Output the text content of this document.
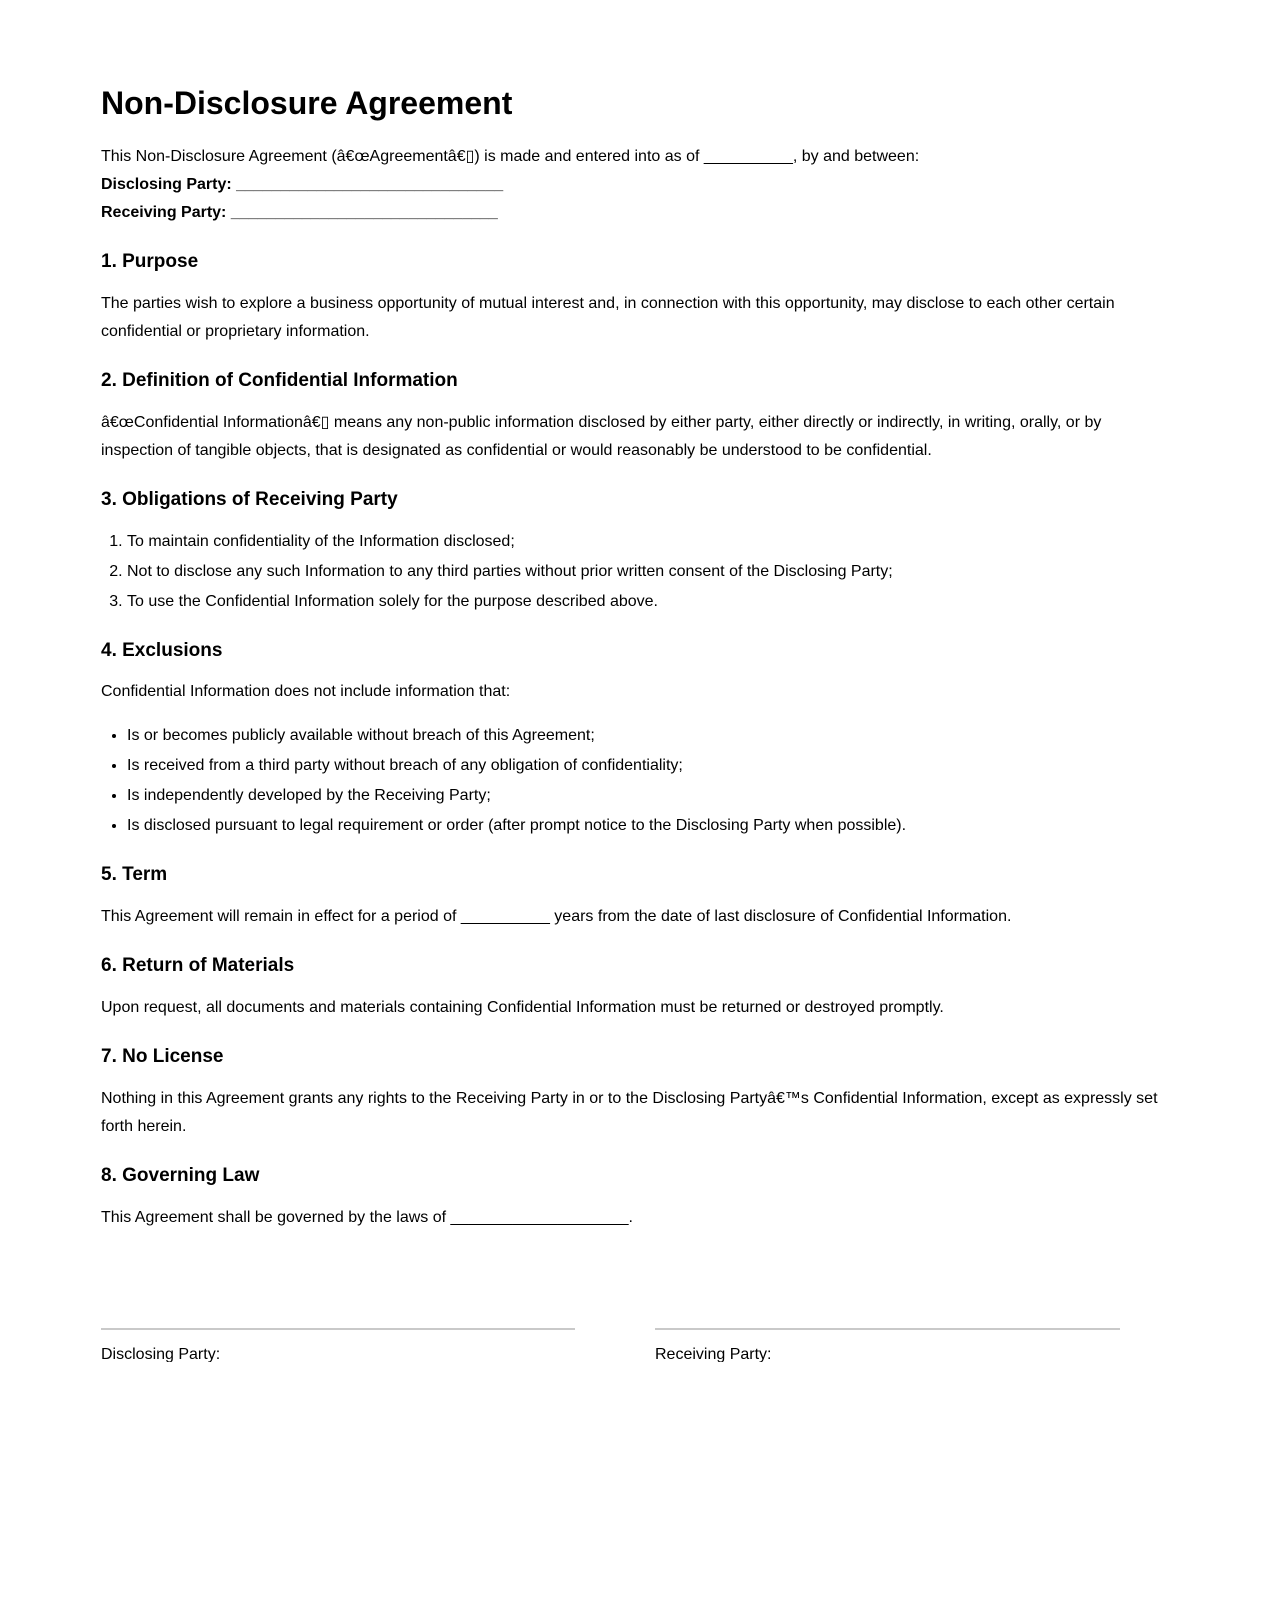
Non-Disclosure Agreement

This Non-Disclosure Agreement (â€œAgreementâ€▯) is made and entered into as of __________, by and between:
Disclosing Party: ______________________________
Receiving Party: ______________________________

1. Purpose

The parties wish to explore a business opportunity of mutual interest and, in connection with this opportunity, may disclose to each other certain confidential or proprietary information.

2. Definition of Confidential Information

â€œConfidential Informationâ€▯ means any non-public information disclosed by either party, either directly or indirectly, in writing, orally, or by inspection of tangible objects, that is designated as confidential or would reasonably be understood to be confidential.

3. Obligations of Receiving Party
1. To maintain confidentiality of the Information disclosed;
2. Not to disclose any such Information to any third parties without prior written consent of the Disclosing Party;
3. To use the Confidential Information solely for the purpose described above.
4. Exclusions

Confidential Information does not include information that:

• Is or becomes publicly available without breach of this Agreement;
• Is received from a third party without breach of any obligation of confidentiality;
• Is independently developed by the Receiving Party;
• Is disclosed pursuant to legal requirement or order (after prompt notice to the Disclosing Party when possible).
5. Term

This Agreement will remain in effect for a period of __________ years from the date of last disclosure of Confidential Information.

6. Return of Materials

Upon request, all documents and materials containing Confidential Information must be returned or destroyed promptly.

7. No License

Nothing in this Agreement grants any rights to the Receiving Party in or to the Disclosing Partyâ€™s Confidential Information, except as expressly set forth herein.

8. Governing Law

This Agreement shall be governed by the laws of ____________________.

Disclosing Party:	Receiving Party:
